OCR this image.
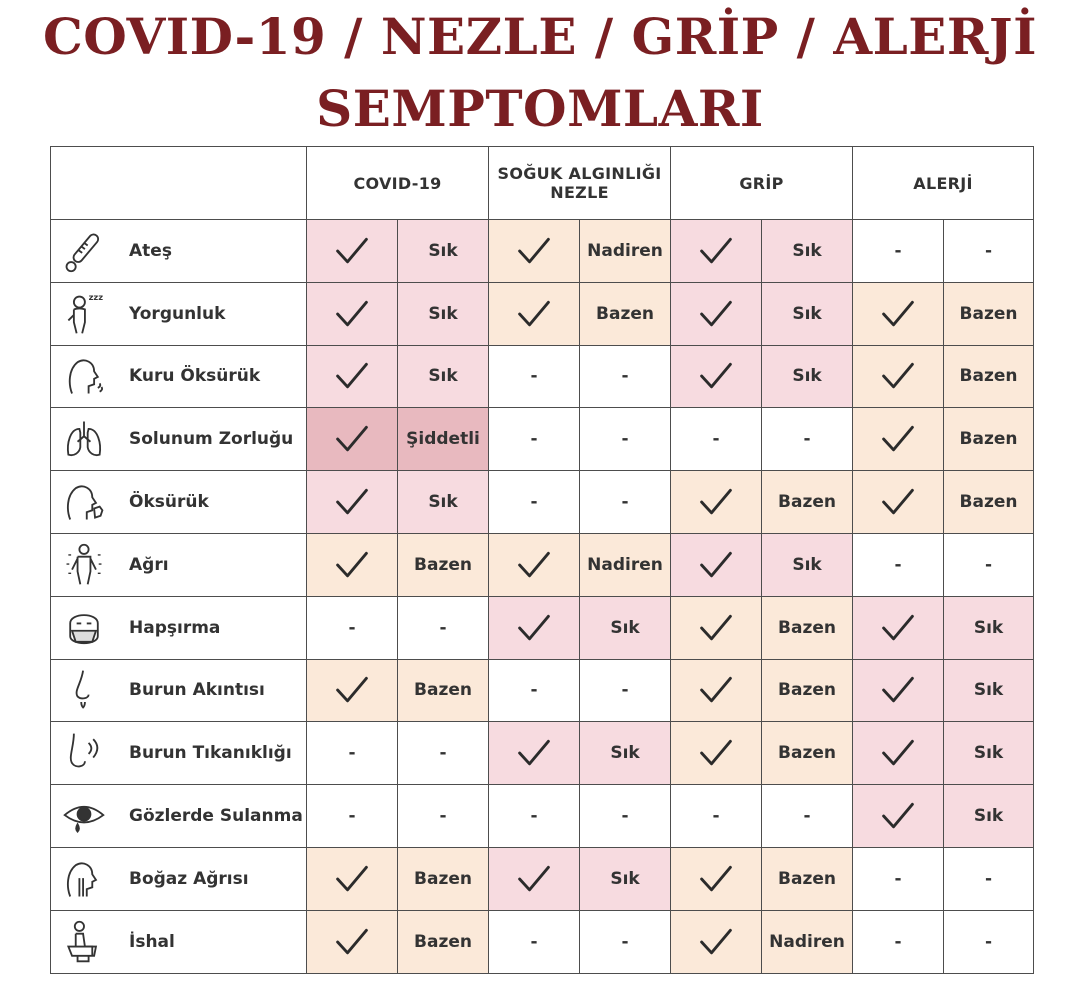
COVID-19 / NEZLE / GRİP / ALERJİ
SEMPTOMLARI
	COVID-19		SOĞUK ALGINLIĞI
NEZLE		GRİP		ALERJİ	

Ateş		Sık		Nadiren		Sık	-	-

zzz
Yorgunluk		Sık		Bazen		Sık		Bazen

Kuru Öksürük		Sık	-	-		Sık		Bazen

Solunum Zorluğu		Şiddetli	-	-	-	-		Bazen

Öksürük		Sık	-	-		Bazen		Bazen

Ağrı		Bazen		Nadiren		Sık	-	-

Hapşırma	-	-		Sık		Bazen		Sık

Burun Akıntısı		Bazen	-	-		Bazen		Sık

Burun Tıkanıklığı	-	-		Sık		Bazen		Sık

Gözlerde Sulanma	-	-	-	-	-	-		Sık

Boğaz Ağrısı		Bazen		Sık		Bazen	-	-

İshal		Bazen	-	-		Nadiren	-	-
